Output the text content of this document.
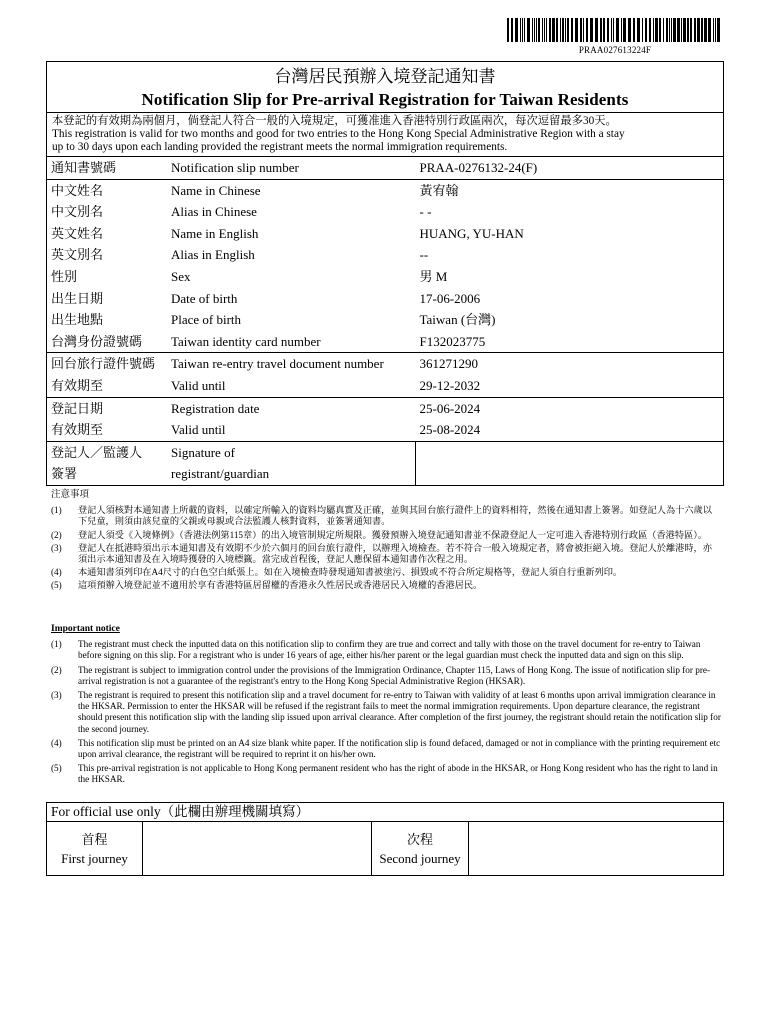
PRAA027613224F
台灣居民預辦入境登記通知書
Notification Slip for Pre-arrival Registration for Taiwan Residents
本登記的有效期為兩個月，倘登記人符合一般的入境規定，可獲准進入香港特別行政區兩次，每次逗留最多30天。
This registration is valid for two months and good for two entries to the Hong Kong Special Administrative Region with a stay
up to 30 days upon each landing provided the registrant meets the normal immigration requirements.
通知書號碼	Notification slip number	PRAA-0276132-24(F)
中文姓名	Name in Chinese	黃宥翰
中文別名	Alias in Chinese	- -
英文姓名	Name in English	HUANG, YU-HAN
英文別名	Alias in English	--
性別	Sex	男 M
出生日期	Date of birth	17-06-2006
出生地點	Place of birth	Taiwan (台灣)
台灣身份證號碼	Taiwan identity card number	F132023775
回台旅行證件號碼	Taiwan re-entry travel document number	361271290
有效期至	Valid until	29-12-2032
登記日期	Registration date	25-06-2024
有效期至	Valid until	25-08-2024
登記人／監護人	Signature of	
簽署	registrant/guardian	
注意事項
(1)	登記人須核對本通知書上所載的資料，以確定所輸入的資料均屬真實及正確，並與其回台旅行證件上的資料相符，然後在通知書上簽署。如登記人為十六歲以下兒童，則須由該兒童的父親或母親或合法監護人核對資料，並簽署通知書。
(2)	登記人須受《入境條例》（香港法例第115章）的出入境管制規定所規限。獲發預辦入境登記通知書並不保證登記人一定可進入香港特別行政區（香港特區）。
(3)	登記人在抵港時須出示本通知書及有效期不少於六個月的回台旅行證件，以辦理入境檢查。若不符合一般入境規定者，將會被拒絕入境。登記人於離港時，亦須出示本通知書及在入境時獲發的入境標籤。當完成首程後，登記人應保留本通知書作次程之用。
(4)	本通知書須列印在A4尺寸的白色空白紙張上。如在入境檢查時發現通知書被塗污、損毀或不符合所定規格等，登記人須自行重新列印。
(5)	這項預辦入境登記並不適用於享有香港特區居留權的香港永久性居民或香港居民入境權的香港居民。
Important notice
(1)	The registrant must check the inputted data on this notification slip to confirm they are true and correct and tally with those on the travel document for re-entry to Taiwan before signing on this slip. For a registrant who is under 16 years of age, either his/her parent or the legal guardian must check the inputted data and sign on this slip.
(2)	The registrant is subject to immigration control under the provisions of the Immigration Ordinance, Chapter 115, Laws of Hong Kong. The issue of notification slip for pre-arrival registration is not a guarantee of the registrant's entry to the Hong Kong Special Administrative Region (HKSAR).
(3)	The registrant is required to present this notification slip and a travel document for re-entry to Taiwan with validity of at least 6 months upon arrival immigration clearance in the HKSAR. Permission to enter the HKSAR will be refused if the registrant fails to meet the normal immigration requirements. Upon departure clearance, the registrant should present this notification slip with the landing slip issued upon arrival clearance. After completion of the first journey, the registrant should retain the notification slip for the second journey.
(4)	This notification slip must be printed on an A4 size blank white paper. If the notification slip is found defaced, damaged or not in compliance with the printing requirement etc upon arrival clearance, the registrant will be required to reprint it on his/her own.
(5)	This pre-arrival registration is not applicable to Hong Kong permanent resident who has the right of abode in the HKSAR, or Hong Kong resident who has the right to land in the HKSAR.
For official use only（此欄由辦理機關填寫）
首程
First journey
次程
Second journey
